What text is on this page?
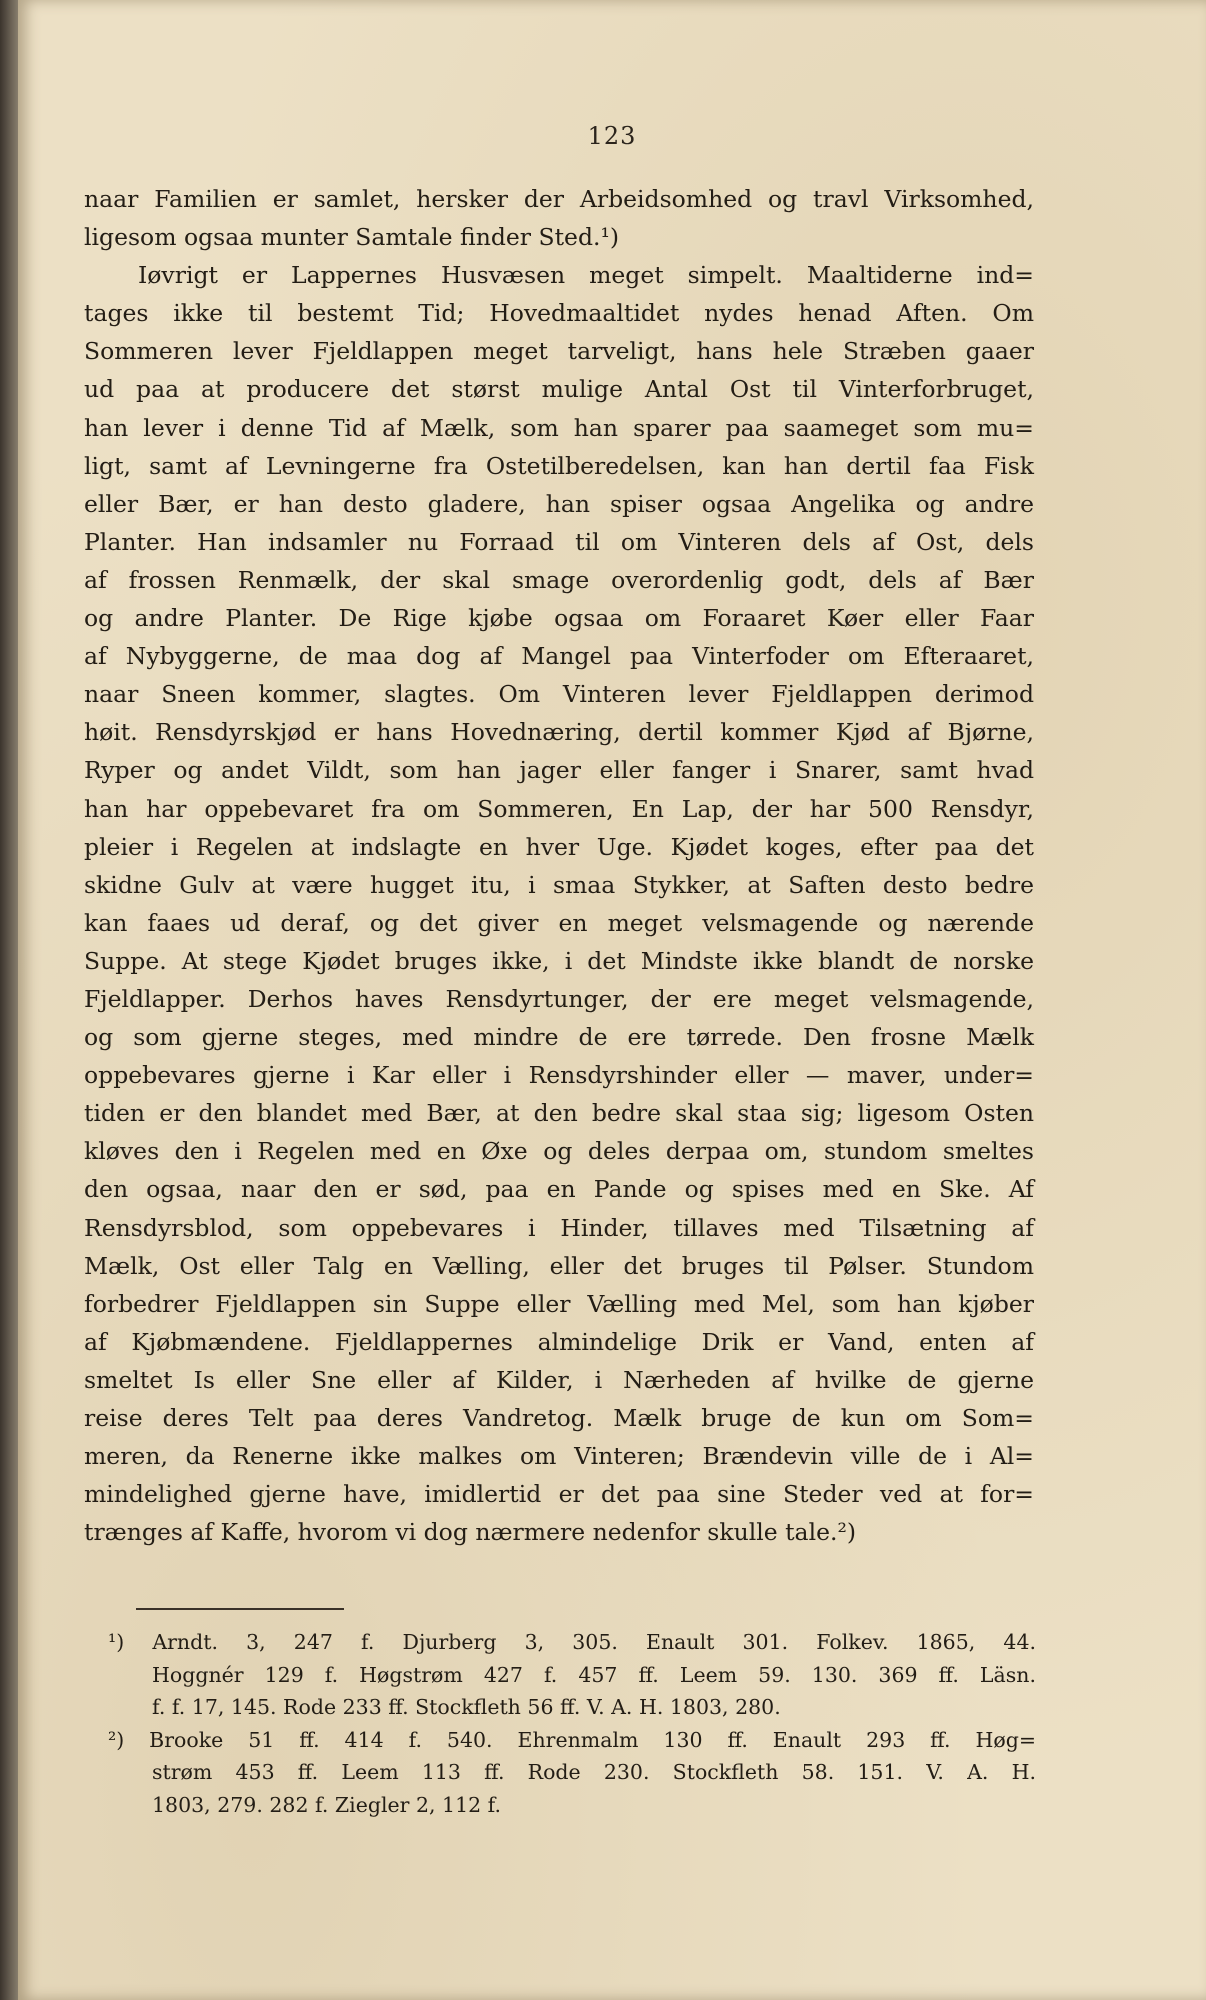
123
naar Familien er samlet, hersker der Arbeidsomhed og travl Virksomhed,
ligesom ogsaa munter Samtale finder Sted.¹)
Iøvrigt er Lappernes Husvæsen meget simpelt. Maaltiderne ind=
tages ikke til bestemt Tid; Hovedmaaltidet nydes henad Aften. Om
Sommeren lever Fjeldlappen meget tarveligt, hans hele Stræben gaaer
ud paa at producere det størst mulige Antal Ost til Vinterforbruget,
han lever i denne Tid af Mælk, som han sparer paa saameget som mu=
ligt, samt af Levningerne fra Ostetilberedelsen, kan han dertil faa Fisk
eller Bær, er han desto gladere, han spiser ogsaa Angelika og andre
Planter. Han indsamler nu Forraad til om Vinteren dels af Ost, dels
af frossen Renmælk, der skal smage overordenlig godt, dels af Bær
og andre Planter. De Rige kjøbe ogsaa om Foraaret Køer eller Faar
af Nybyggerne, de maa dog af Mangel paa Vinterfoder om Efteraaret,
naar Sneen kommer, slagtes. Om Vinteren lever Fjeldlappen derimod
høit. Rensdyrskjød er hans Hovednæring, dertil kommer Kjød af Bjørne,
Ryper og andet Vildt, som han jager eller fanger i Snarer, samt hvad
han har oppebevaret fra om Sommeren, En Lap, der har 500 Rensdyr,
pleier i Regelen at indslagte en hver Uge. Kjødet koges, efter paa det
skidne Gulv at være hugget itu, i smaa Stykker, at Saften desto bedre
kan faaes ud deraf, og det giver en meget velsmagende og nærende
Suppe. At stege Kjødet bruges ikke, i det Mindste ikke blandt de norske
Fjeldlapper. Derhos haves Rensdyrtunger, der ere meget velsmagende,
og som gjerne steges, med mindre de ere tørrede. Den frosne Mælk
oppebevares gjerne i Kar eller i Rensdyrshinder eller — maver, under=
tiden er den blandet med Bær, at den bedre skal staa sig; ligesom Osten
kløves den i Regelen med en Øxe og deles derpaa om, stundom smeltes
den ogsaa, naar den er sød, paa en Pande og spises med en Ske. Af
Rensdyrsblod, som oppebevares i Hinder, tillaves med Tilsætning af
Mælk, Ost eller Talg en Vælling, eller det bruges til Pølser. Stundom
forbedrer Fjeldlappen sin Suppe eller Vælling med Mel, som han kjøber
af Kjøbmændene. Fjeldlappernes almindelige Drik er Vand, enten af
smeltet Is eller Sne eller af Kilder, i Nærheden af hvilke de gjerne
reise deres Telt paa deres Vandretog. Mælk bruge de kun om Som=
meren, da Renerne ikke malkes om Vinteren; Brændevin ville de i Al=
mindelighed gjerne have, imidlertid er det paa sine Steder ved at for=
trænges af Kaffe, hvorom vi dog nærmere nedenfor skulle tale.²)
¹) Arndt. 3, 247 f. Djurberg 3, 305. Enault 301. Folkev. 1865, 44.
Hoggnér 129 f. Høgstrøm 427 f. 457 ff. Leem 59. 130. 369 ff. Läsn.
f. f. 17, 145. Rode 233 ff. Stockfleth 56 ff. V. A. H. 1803, 280.
²) Brooke 51 ff. 414 f. 540. Ehrenmalm 130 ff. Enault 293 ff. Høg=
strøm 453 ff. Leem 113 ff. Rode 230. Stockfleth 58. 151. V. A. H.
1803, 279. 282 f. Ziegler 2, 112 f.
